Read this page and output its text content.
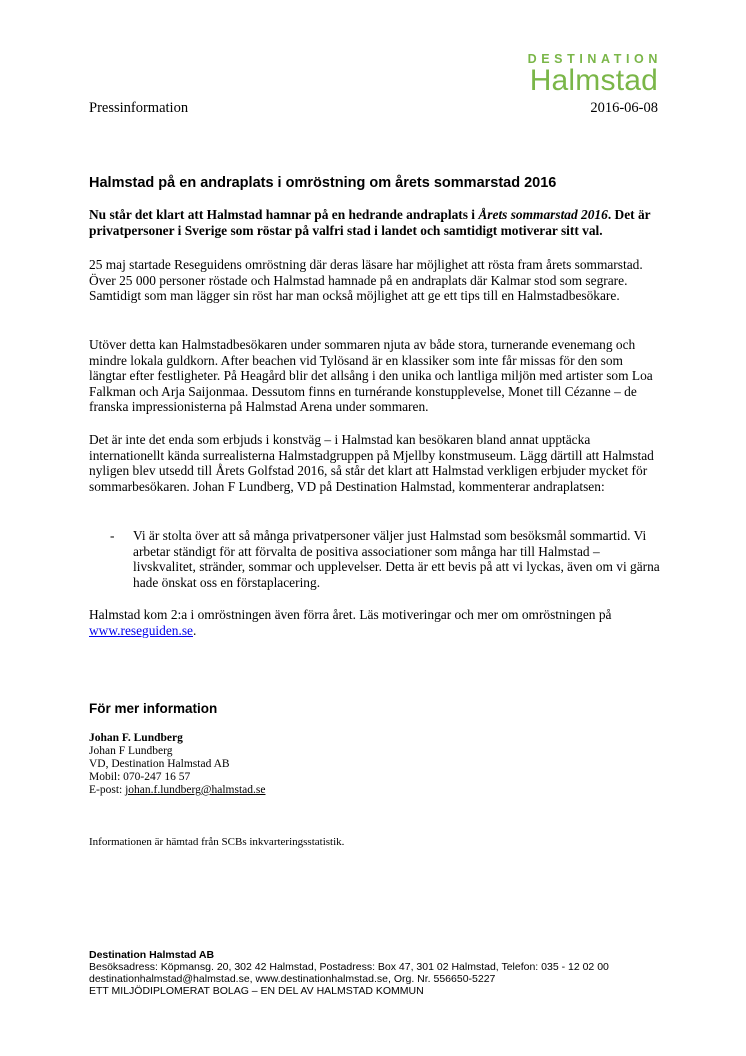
DESTINATION
Halmstad
Pressinformation	2016-06-08
Halmstad på en andraplats i omröstning om årets sommarstad 2016
Nu står det klart att Halmstad hamnar på en hedrande andraplats i Årets sommarstad 2016. Det är privatpersoner i Sverige som röstar på valfri stad i landet och samtidigt motiverar sitt val.
25 maj startade Reseguidens omröstning där deras läsare har möjlighet att rösta fram årets sommarstad. Över 25 000 personer röstade och Halmstad hamnade på en andraplats där Kalmar stod som segrare. Samtidigt som man lägger sin röst har man också möjlighet att ge ett tips till en Halmstadbesökare.
Utöver detta kan Halmstadbesökaren under sommaren njuta av både stora, turnerande evenemang och mindre lokala guldkorn. After beachen vid Tylösand är en klassiker som inte får missas för den som längtar efter festligheter. På Heagård blir det allsång i den unika och lantliga miljön med artister som Loa Falkman och Arja Saijonmaa. Dessutom finns en turnérande konstupplevelse, Monet till Cézanne – de franska impressionisterna på Halmstad Arena under sommaren.
Det är inte det enda som erbjuds i konstväg – i Halmstad kan besökaren bland annat upptäcka internationellt kända surrealisterna Halmstadgruppen på Mjellby konstmuseum. Lägg därtill att Halmstad nyligen blev utsedd till Årets Golfstad 2016, så står det klart att Halmstad verkligen erbjuder mycket för sommarbesökaren. Johan F Lundberg, VD på Destination Halmstad, kommenterar andraplatsen:
- Vi är stolta över att så många privatpersoner väljer just Halmstad som besöksmål sommartid. Vi arbetar ständigt för att förvalta de positiva associationer som många har till Halmstad – livskvalitet, stränder, sommar och upplevelser. Detta är ett bevis på att vi lyckas, även om vi gärna hade önskat oss en förstaplacering.
Halmstad kom 2:a i omröstningen även förra året. Läs motiveringar och mer om omröstningen på www.reseguiden.se.
För mer information
Johan F. Lundberg
Johan F Lundberg
VD, Destination Halmstad AB
Mobil: 070-247 16 57
E-post: johan.f.lundberg@halmstad.se
Informationen är hämtad från SCBs inkvarteringsstatistik.
Destination Halmstad AB
Besöksadress: Köpmansg. 20, 302 42 Halmstad, Postadress: Box 47, 301 02 Halmstad, Telefon: 035 - 12 02 00
destinationhalmstad@halmstad.se, www.destinationhalmstad.se, Org. Nr. 556650-5227
ETT MILJÖDIPLOMERAT BOLAG – EN DEL AV HALMSTAD KOMMUN
